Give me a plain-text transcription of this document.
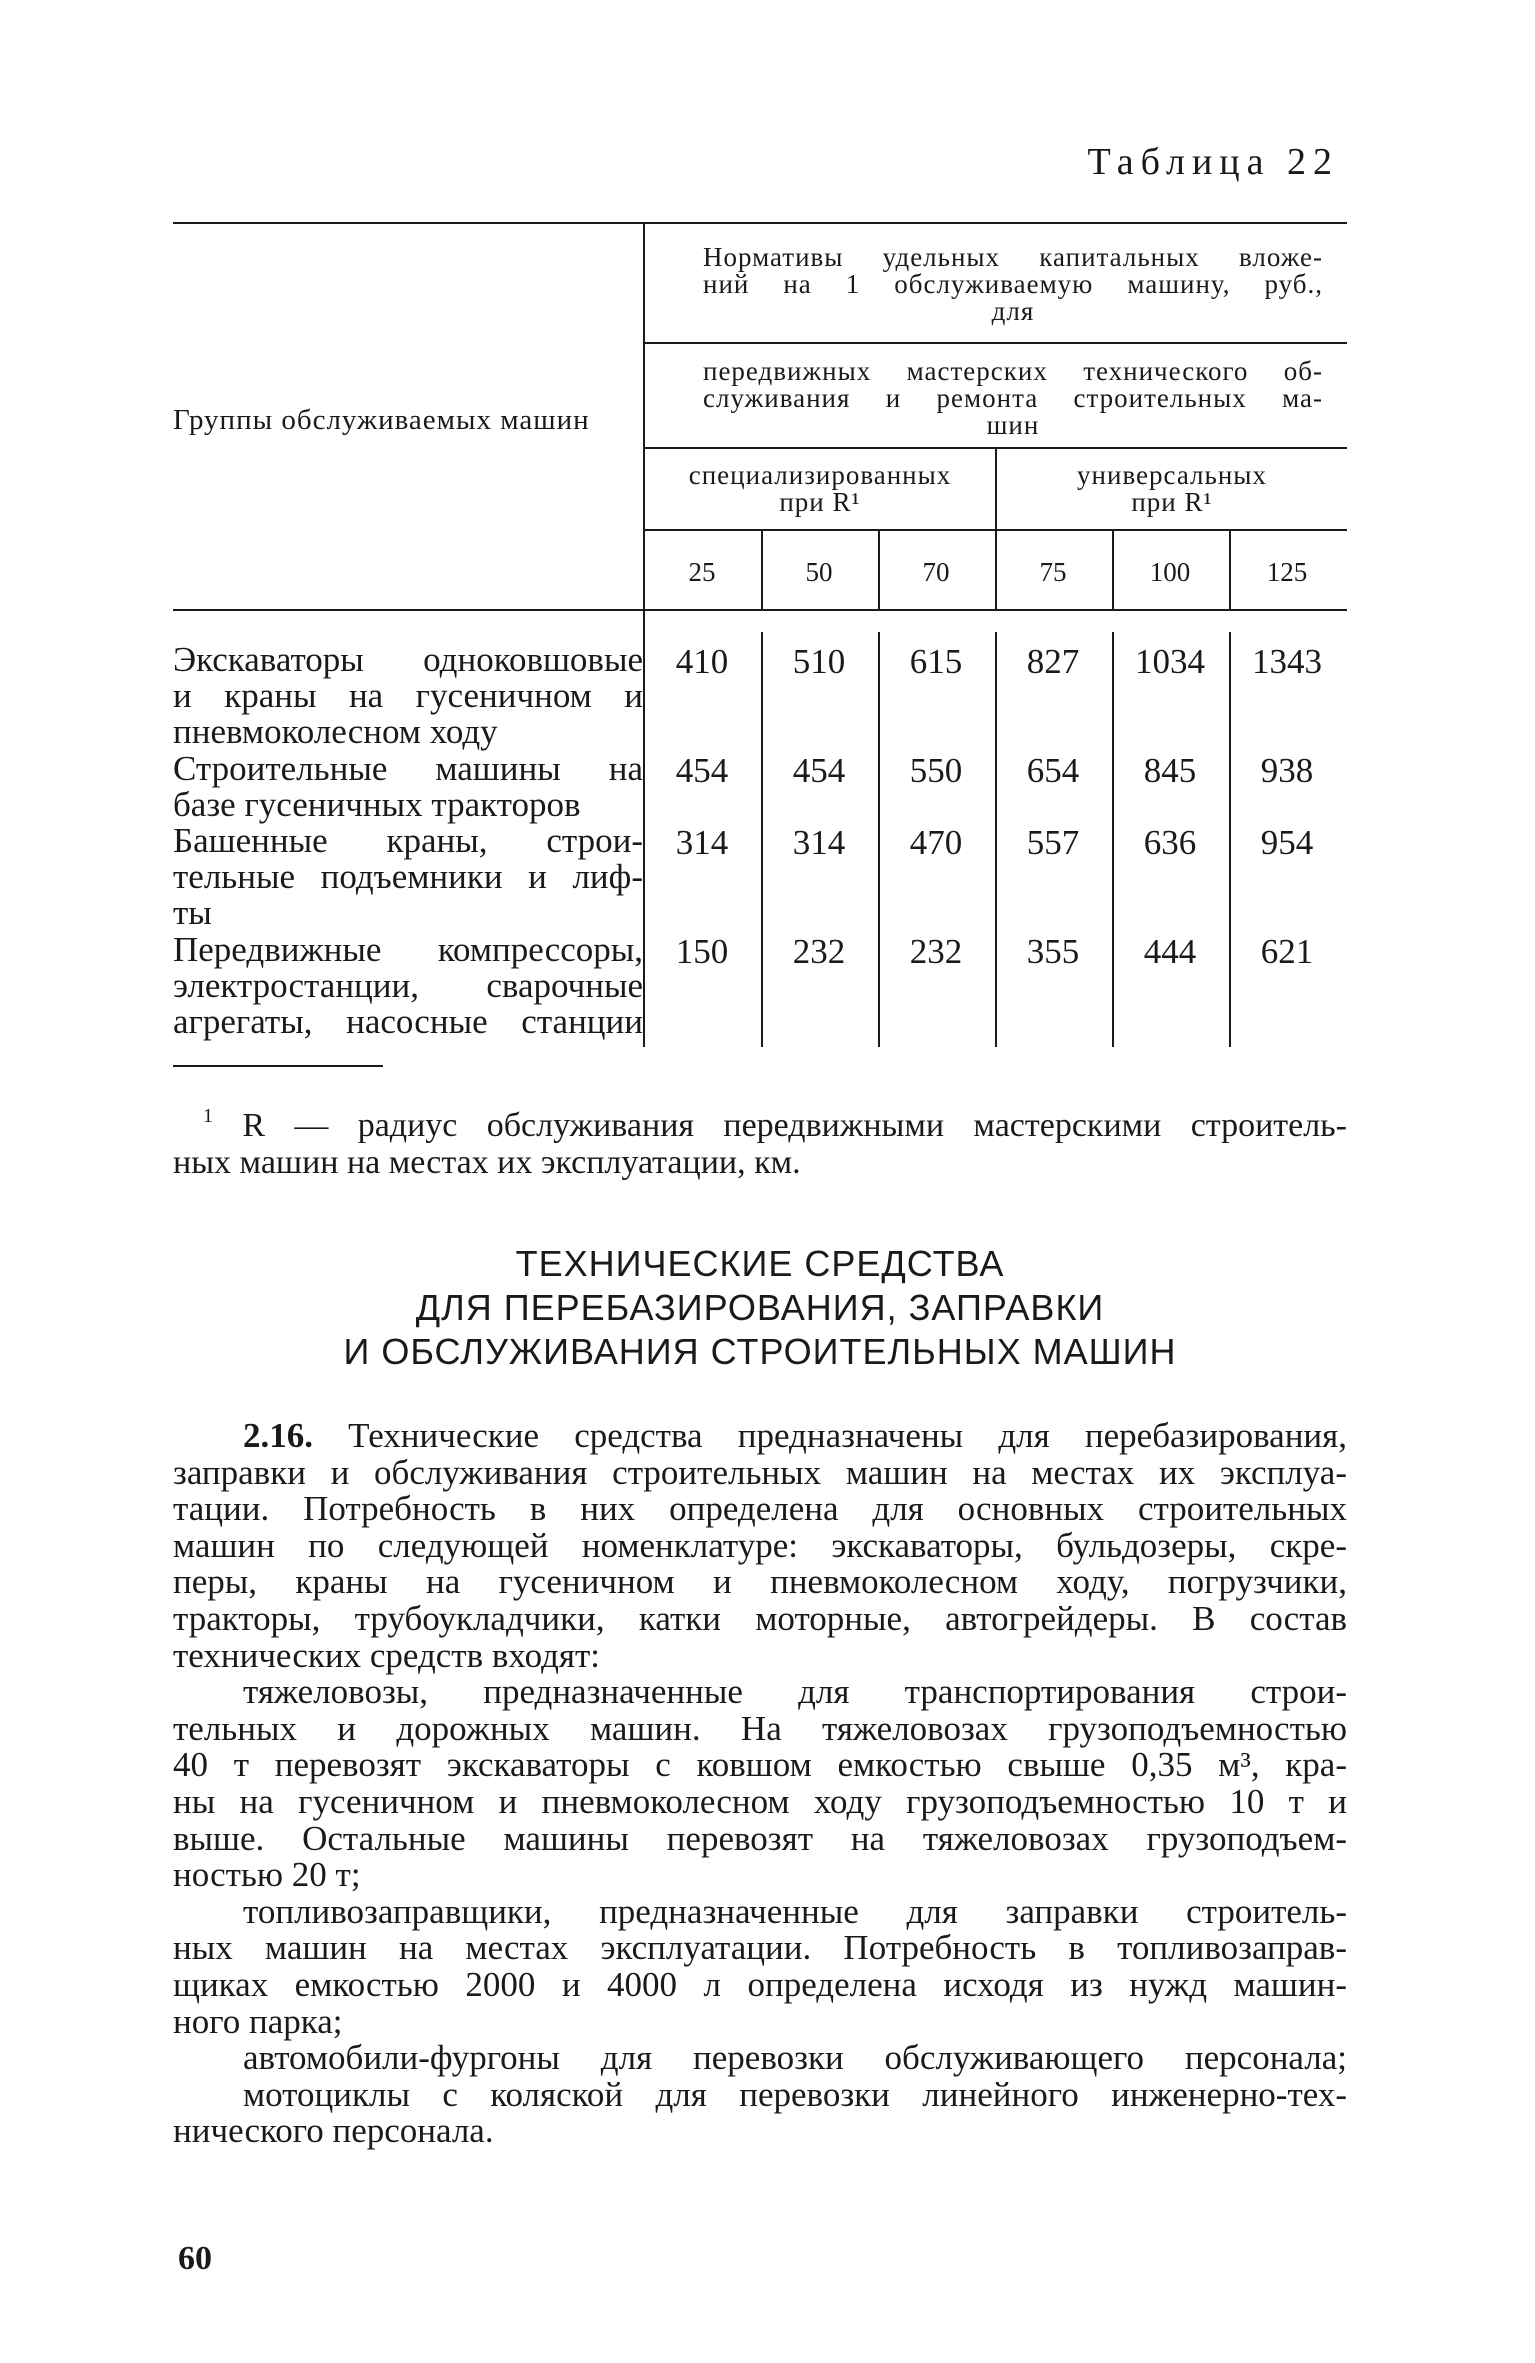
Таблица 22
Группы обслуживаемых машин
Нормативы удельных капитальных вложе-
ний на 1 обслуживаемую машину, руб.,
для
передвижных мастерских технического об-
служивания и ремонта строительных ма-
шин
специализированных
при R¹
универсальных
при R¹
25	50	70	75	100	125
Экскаваторы одноковшовые
и краны на гусеничном и
пневмоколесном ходу
410	510	615	827	1034	1343
Строительные машины на
базе гусеничных тракторов
454	454	550	654	845	938
Башенные краны, строи-
тельные подъемники и лиф-
ты
314	314	470	557	636	954
Передвижные компрессоры,
электростанции, сварочные
агрегаты, насосные станции
150	232	232	355	444	621
$^1$ R — радиус обслуживания передвижными мастерскими строитель-
ных машин на местах их эксплуатации, км.
ТЕХНИЧЕСКИЕ СРЕДСТВА
ДЛЯ ПЕРЕБАЗИРОВАНИЯ, ЗАПРАВКИ
И ОБСЛУЖИВАНИЯ СТРОИТЕЛЬНЫХ МАШИН
2.16. Технические средства предназначены для перебазирования,
заправки и обслуживания строительных машин на местах их эксплуа-
тации. Потребность в них определена для основных строительных
машин по следующей номенклатуре: экскаваторы, бульдозеры, скре-
перы, краны на гусеничном и пневмоколесном ходу, погрузчики,
тракторы, трубоукладчики, катки моторные, автогрейдеры. В состав
технических средств входят:
тяжеловозы, предназначенные для транспортирования строи-
тельных и дорожных машин. На тяжеловозах грузоподъемностью
40 т перевозят экскаваторы с ковшом емкостью свыше 0,35 м³, кра-
ны на гусеничном и пневмоколесном ходу грузоподъемностью 10 т и
выше. Остальные машины перевозят на тяжеловозах грузоподъем-
ностью 20 т;
топливозаправщики, предназначенные для заправки строитель-
ных машин на местах эксплуатации. Потребность в топливозаправ-
щиках емкостью 2000 и 4000 л определена исходя из нужд машин-
ного парка;
автомобили-фургоны для перевозки обслуживающего персонала;
мотоциклы с коляской для перевозки линейного инженерно-тех-
нического персонала.
60
